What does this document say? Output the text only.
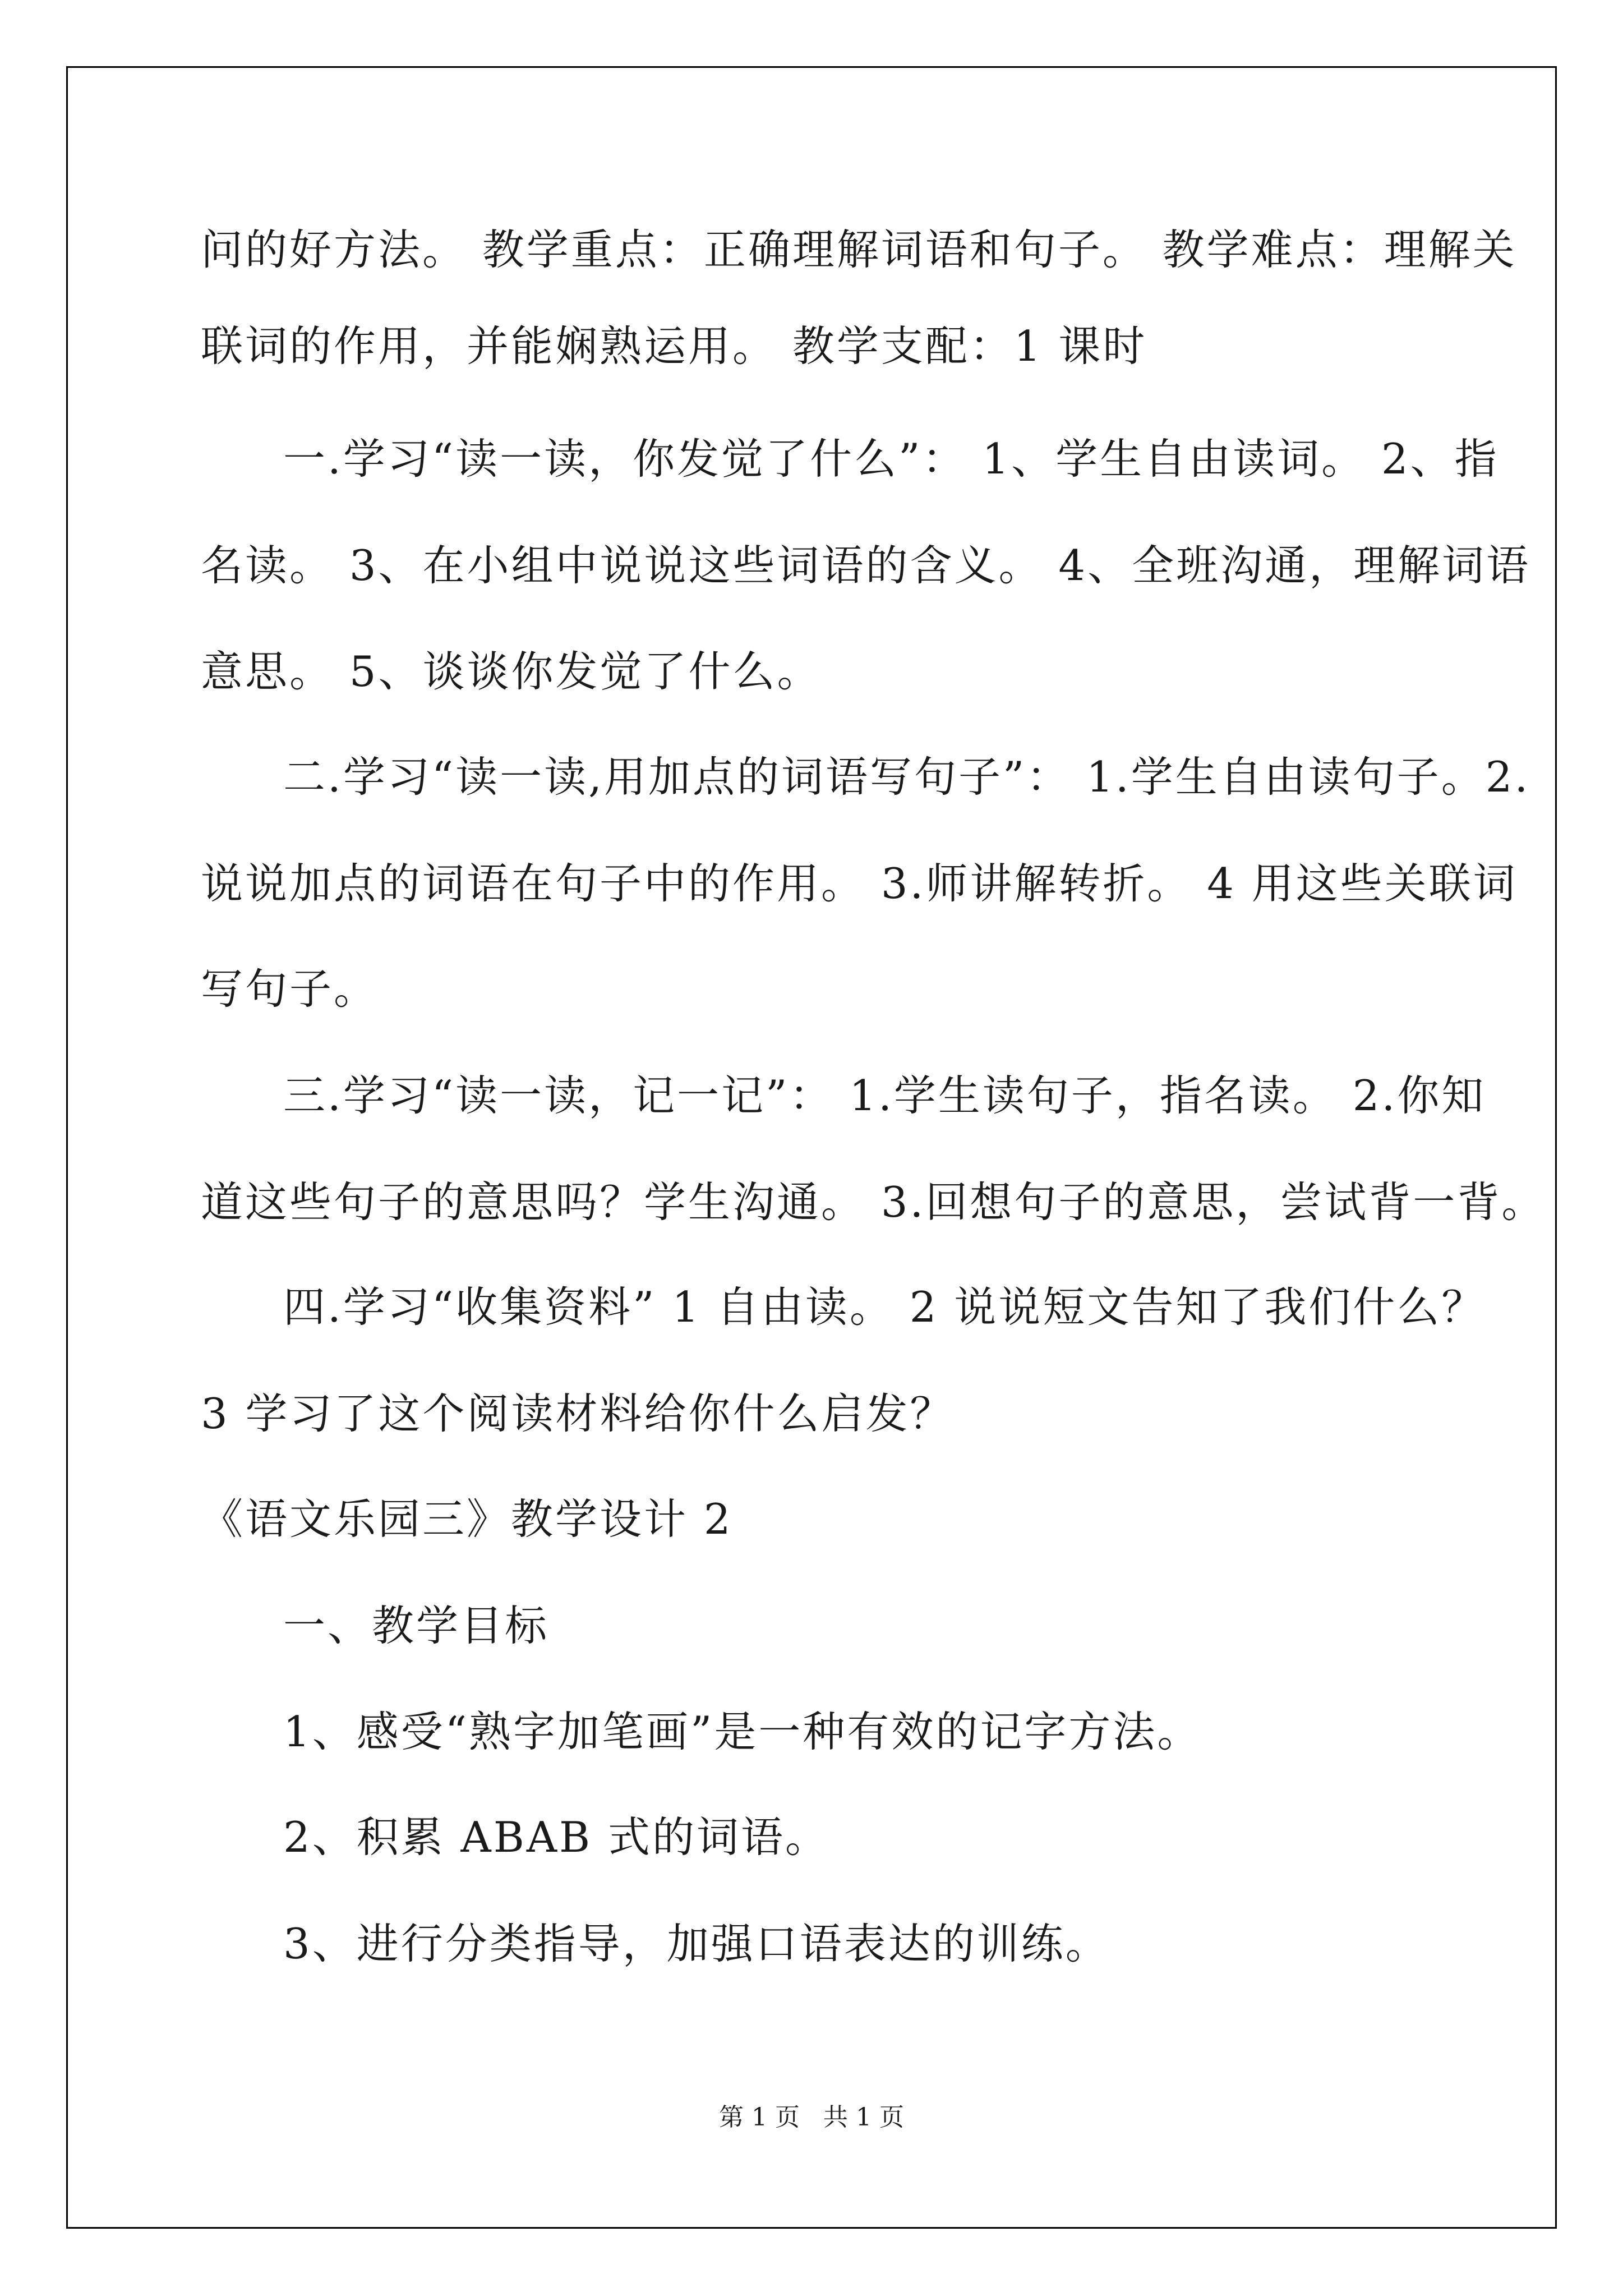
问的好方法。 教学重点：正确理解词语和句子。 教学难点：理解关

联词的作用，并能娴熟运用。 教学支配：1 课时

一.学习“读一读，你发觉了什么”： 1、学生自由读词。 2、指

名读。 3、在小组中说说这些词语的含义。 4、全班沟通，理解词语

意思。 5、谈谈你发觉了什么。

二.学习“读一读,用加点的词语写句子”： 1.学生自由读句子。2.

说说加点的词语在句子中的作用。 3.师讲解转折。 4 用这些关联词

写句子。

三.学习“读一读，记一记”： 1.学生读句子，指名读。 2.你知

道这些句子的意思吗？学生沟通。 3.回想句子的意思，尝试背一背。

四.学习“收集资料” 1 自由读。 2 说说短文告知了我们什么？

3 学习了这个阅读材料给你什么启发？

《语文乐园三》教学设计 2

一、教学目标

1、感受“熟字加笔画”是一种有效的记字方法。

2、积累 ABAB 式的词语。

3、进行分类指导，加强口语表达的训练。

第 1 页   共 1 页
